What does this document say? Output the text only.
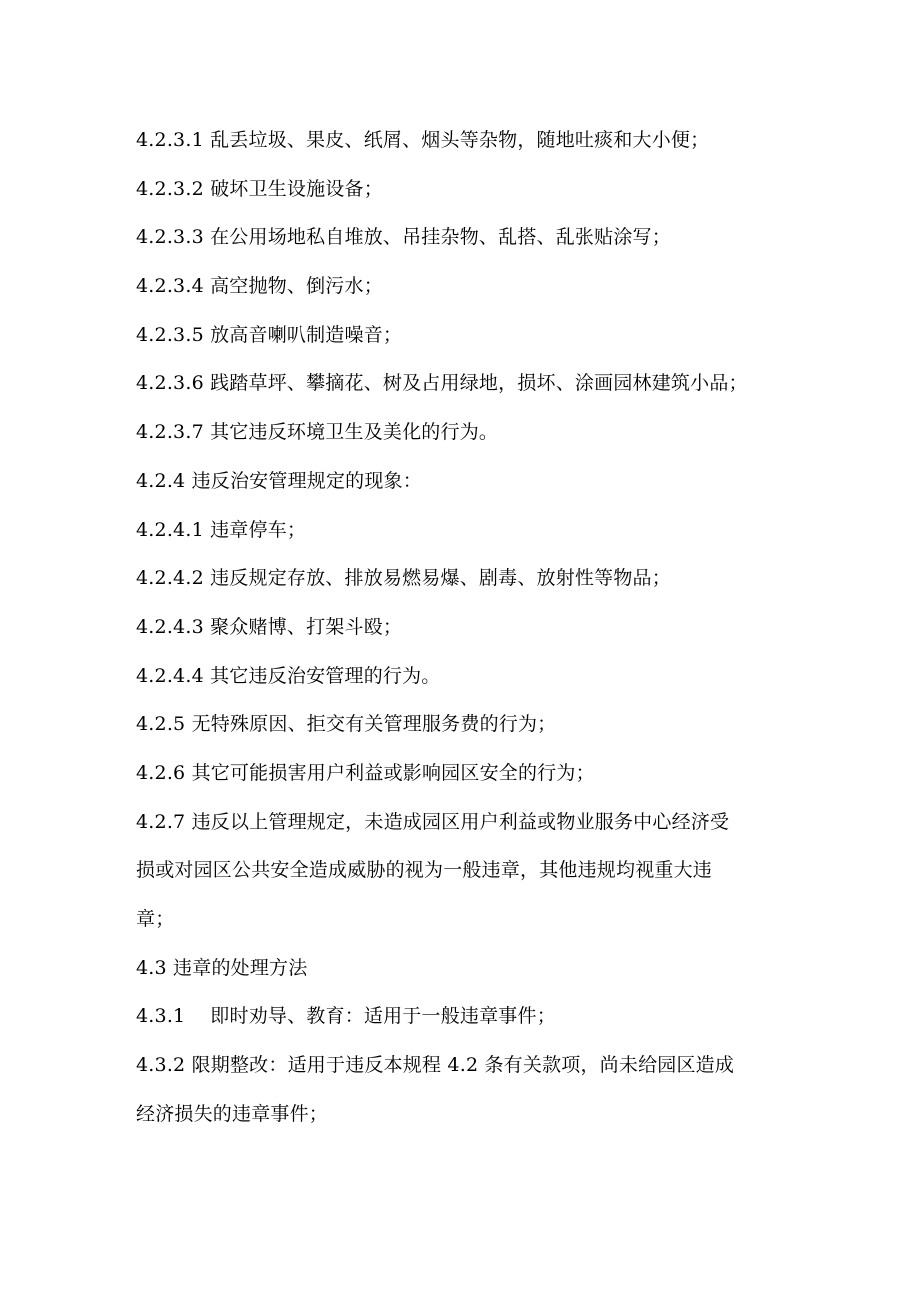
4.2.3.1 乱丢垃圾、果皮、纸屑、烟头等杂物，随地吐痰和大小便；
4.2.3.2 破坏卫生设施设备；
4.2.3.3 在公用场地私自堆放、吊挂杂物、乱搭、乱张贴涂写；
4.2.3.4 高空抛物、倒污水；
4.2.3.5 放高音喇叭制造噪音；
4.2.3.6 践踏草坪、攀摘花、树及占用绿地，损坏、涂画园林建筑小品；
4.2.3.7 其它违反环境卫生及美化的行为。
4.2.4 违反治安管理规定的现象：
4.2.4.1 违章停车；
4.2.4.2 违反规定存放、排放易燃易爆、剧毒、放射性等物品；
4.2.4.3 聚众赌博、打架斗殴；
4.2.4.4 其它违反治安管理的行为。
4.2.5 无特殊原因、拒交有关管理服务费的行为；
4.2.6 其它可能损害用户利益或影响园区安全的行为；
4.2.7 违反以上管理规定，未造成园区用户利益或物业服务中心经济受
损或对园区公共安全造成威胁的视为一般违章，其他违规均视重大违
章；
4.3 违章的处理方法
4.3.1    即时劝导、教育：适用于一般违章事件；
4.3.2 限期整改：适用于违反本规程 4.2 条有关款项，尚未给园区造成
经济损失的违章事件；
